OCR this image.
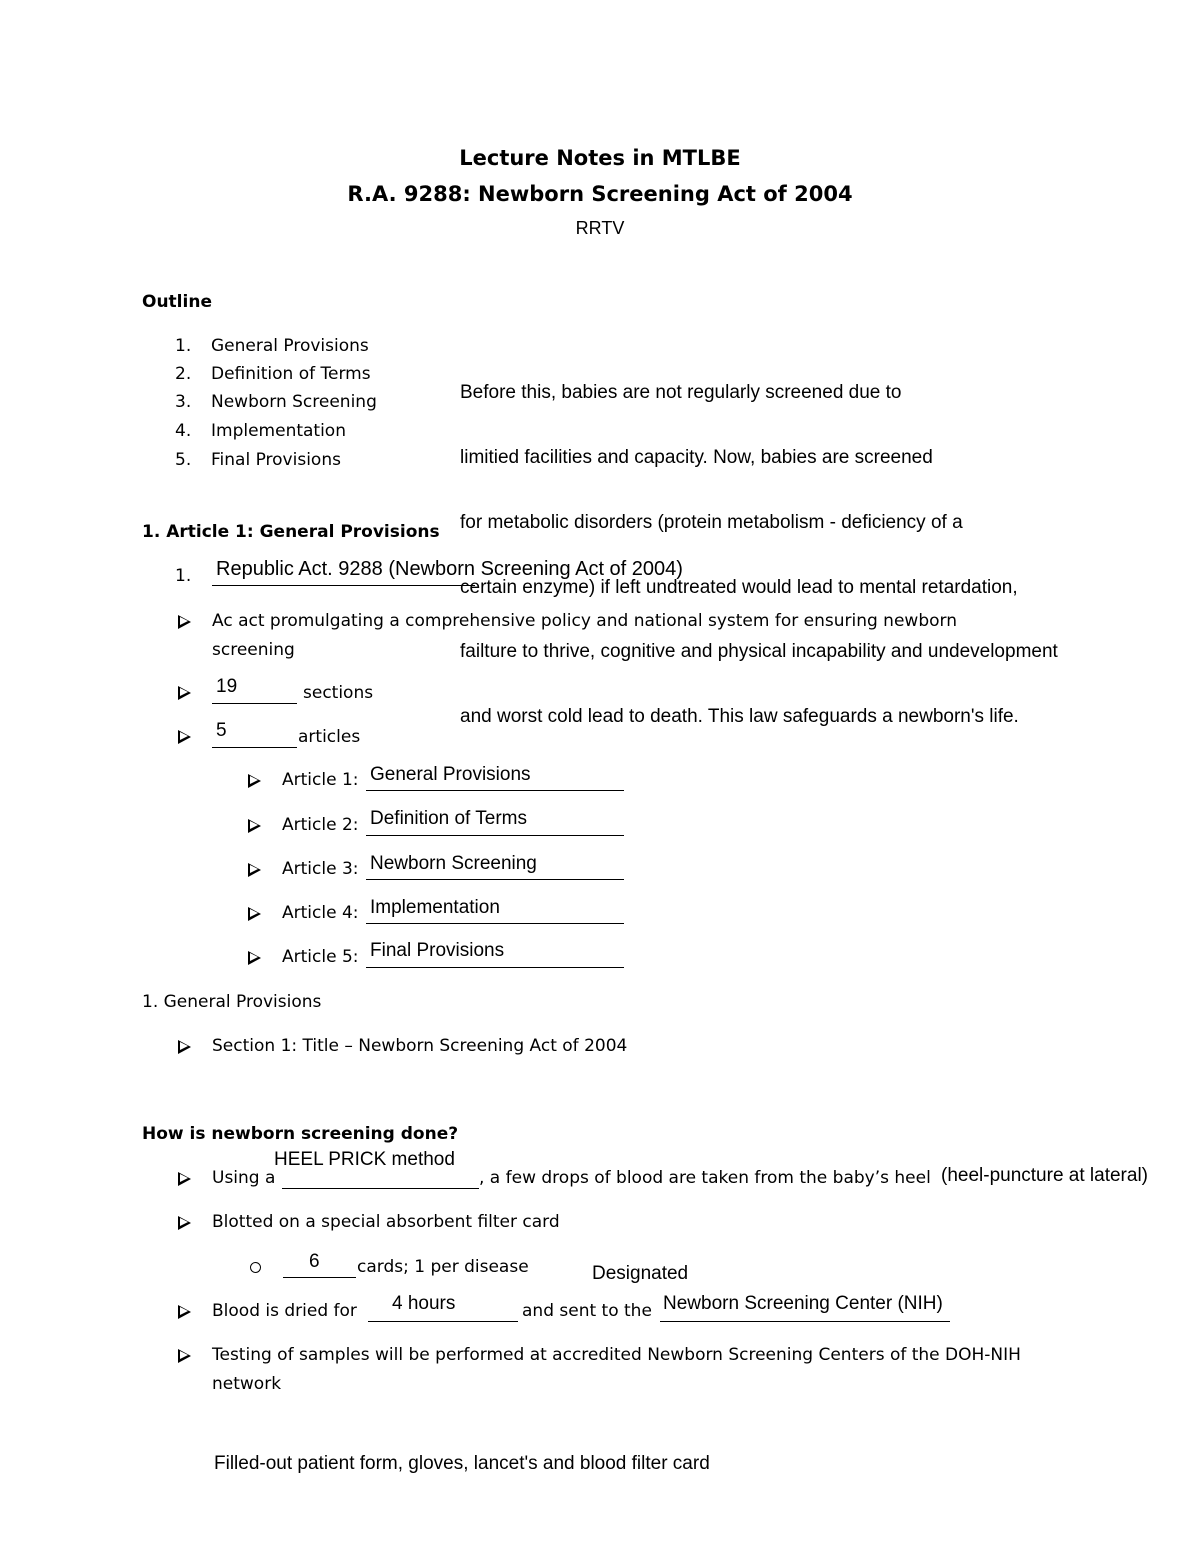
Lecture Notes in MTLBE
R.A. 9288: Newborn Screening Act of 2004
RRTV
Outline
1. General Provisions
2. Definition of Terms
3. Newborn Screening
4. Implementation
5. Final Provisions

Before this, babies are not regularly screened due to

limitied facilities and capacity. Now, babies are screened

for metabolic disorders (protein metabolism - deficiency of a

certain enzyme) if left undtreated would lead to mental retardation,

failture to thrive, cognitive and physical incapability and undevelopment

and worst cold lead to death. This law safeguards a newborn's life.

1. Article 1: General Provisions
1. Republic Act. 9288 (Newborn Screening Act of 2004)
Ac act promulgating a comprehensive policy and national system for ensuring newborn
screening
19	sections
5	articles
Article 1: General Provisions
Article 2: Definition of Terms
Article 3: Newborn Screening
Article 4: Implementation
Article 5: Final Provisions
1. General Provisions
Section 1: Title – Newborn Screening Act of 2004
How is newborn screening done?
HEEL PRICK method
Using a	, a few drops of blood are taken from the baby’s heel (heel-puncture at lateral)
Blotted on a special absorbent filter card
6 cards; 1 per disease	Designated
Blood is dried for 4 hours	and sent to the Newborn Screening Center (NIH)
Testing of samples will be performed at accredited Newborn Screening Centers of the DOH-NIH
network
Filled-out patient form, gloves, lancet's and blood filter card
